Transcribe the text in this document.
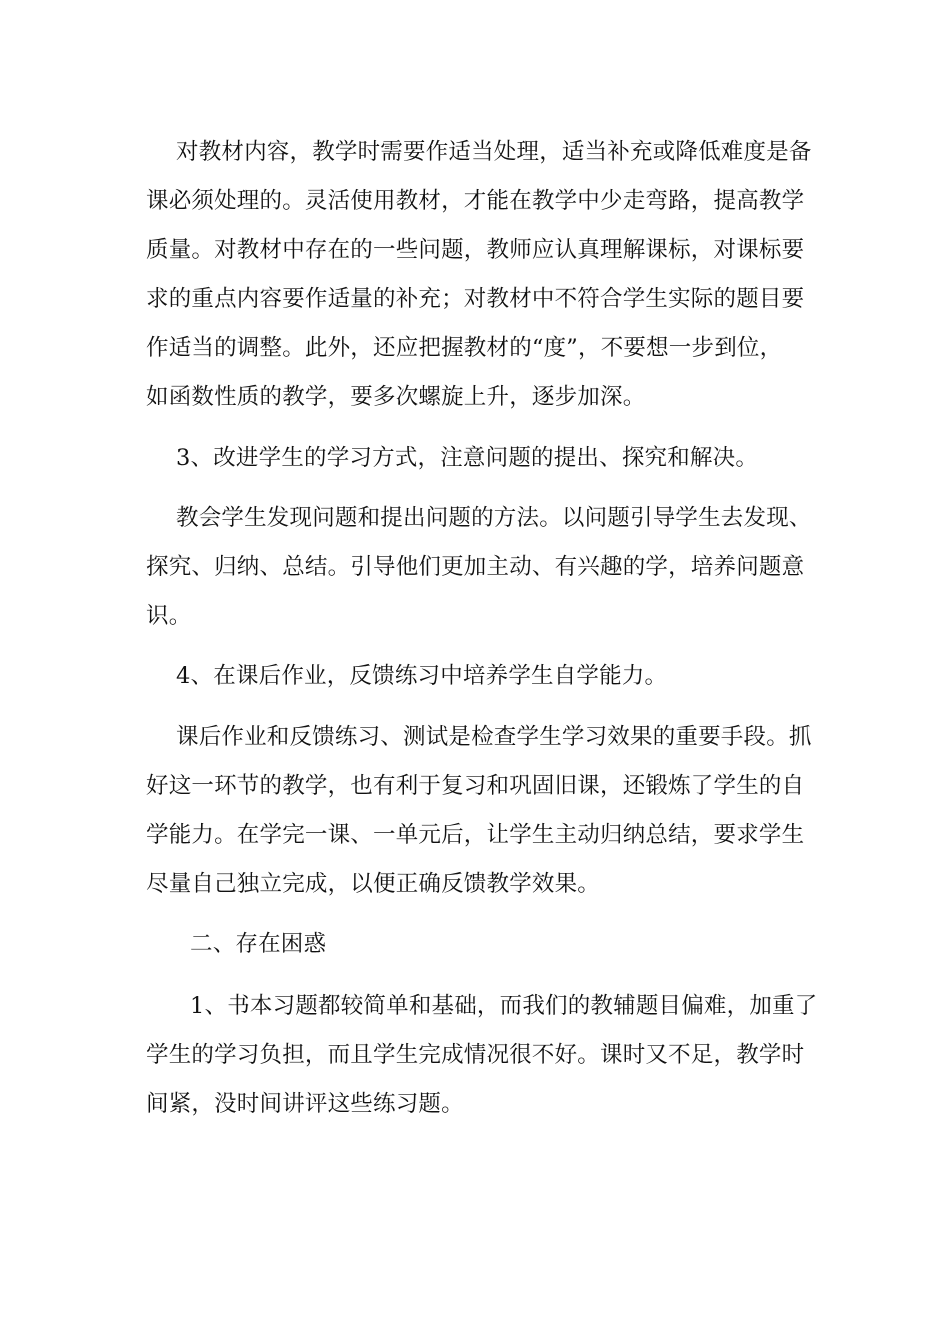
对教材内容，教学时需要作适当处理，适当补充或降低难度是备
课必须处理的。灵活使用教材，才能在教学中少走弯路，提高教学
质量。对教材中存在的一些问题，教师应认真理解课标，对课标要
求的重点内容要作适量的补充；对教材中不符合学生实际的题目要
作适当的调整。此外，还应把握教材的“度”，不要想一步到位，
如函数性质的教学，要多次螺旋上升，逐步加深。
3、改进学生的学习方式，注意问题的提出、探究和解决。
教会学生发现问题和提出问题的方法。以问题引导学生去发现、
探究、归纳、总结。引导他们更加主动、有兴趣的学，培养问题意
识。
4、在课后作业，反馈练习中培养学生自学能力。
课后作业和反馈练习、测试是检查学生学习效果的重要手段。抓
好这一环节的教学，也有利于复习和巩固旧课，还锻炼了学生的自
学能力。在学完一课、一单元后，让学生主动归纳总结，要求学生
尽量自己独立完成，以便正确反馈教学效果。
二、存在困惑
1、书本习题都较简单和基础，而我们的教辅题目偏难，加重了
学生的学习负担，而且学生完成情况很不好。课时又不足，教学时
间紧，没时间讲评这些练习题。
